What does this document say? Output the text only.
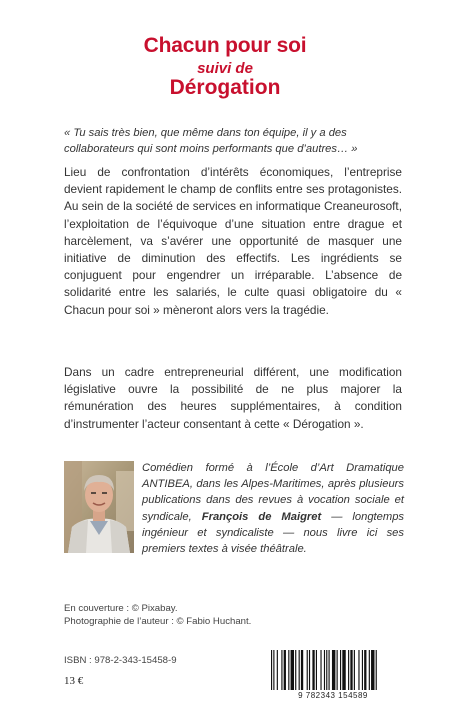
Chacun pour soi
suivi de
Dérogation
« Tu sais très bien, que même dans ton équipe, il y a des collaborateurs qui sont moins performants que d’autres… »
Lieu de confrontation d’intérêts économiques, l’entreprise devient rapidement le champ de conflits entre ses protagonistes. Au sein de la société de services en informatique Creaneurosoft, l’exploitation de l’équivoque d’une situation entre drague et harcèlement, va s’avérer une opportunité de masquer une initiative de diminution des effectifs. Les ingrédients se conjuguent pour engendrer un irréparable. L’absence de solidarité entre les salariés, le culte quasi obligatoire du « Chacun pour soi » mèneront alors vers la tragédie.
Dans un cadre entrepreneurial différent, une modification législative ouvre la possibilité de ne plus majorer la rémunération des heures supplémentaires, à condition d’instrumenter l’acteur consentant à cette « Dérogation ».
Comédien formé à l’École d’Art Dramatique ANTIBEA, dans les Alpes-Maritimes, après plusieurs publications dans des revues à vocation sociale et syndicale, François de Maigret — longtemps ingénieur et syndicaliste — nous livre ici ses premiers textes à visée théâtrale.
En couverture : © Pixabay.
Photographie de l’auteur : © Fabio Huchant.
ISBN : 978-2-343-15458-9
13 €
9 782343 154589
